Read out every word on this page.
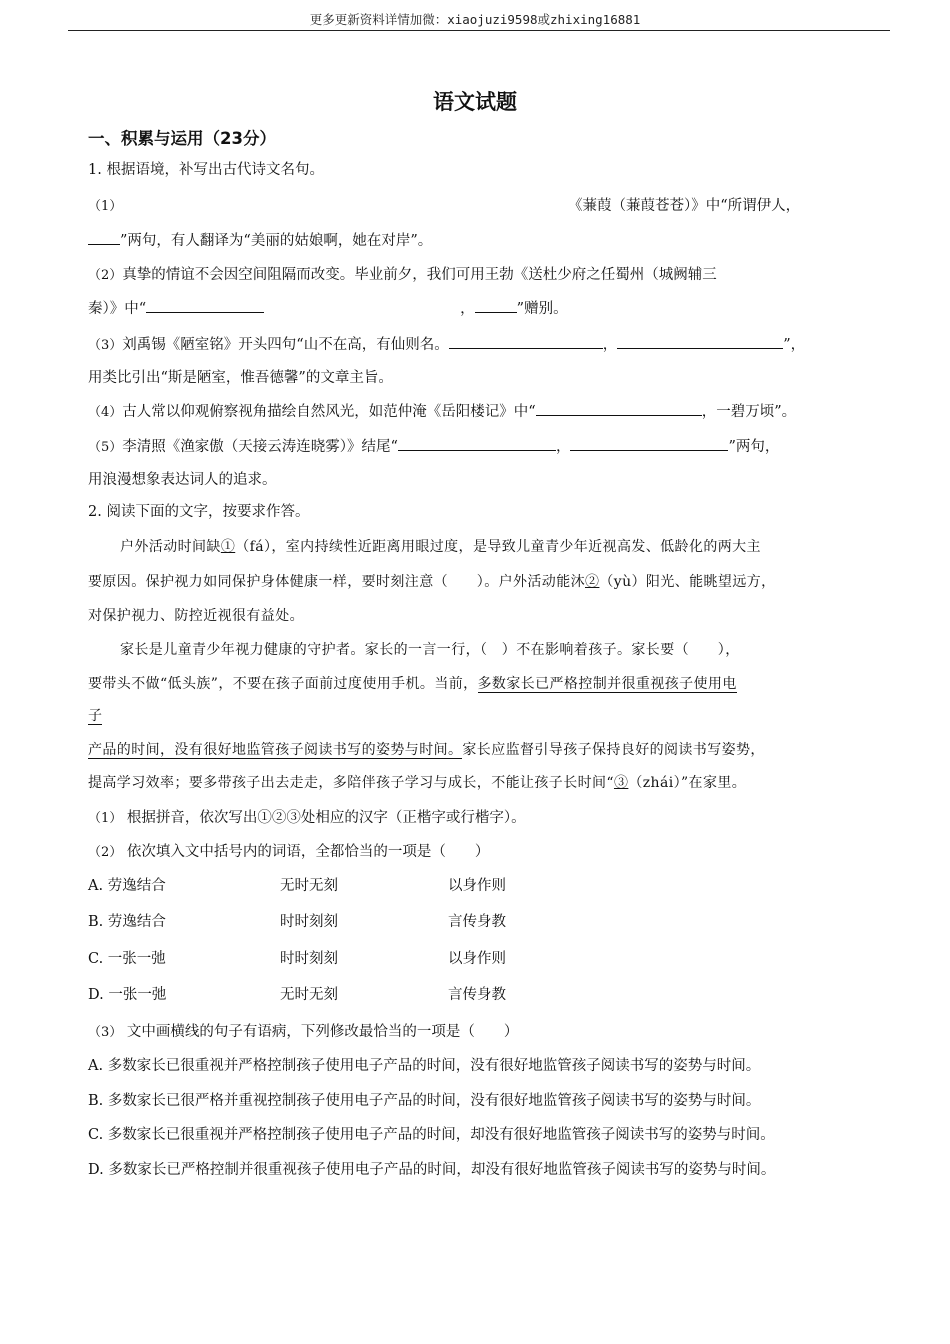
更多更新资料详情加微：xiaojuzi9598或zhixing16881
语文试题
一、积累与运用（23分）
1. 根据语境，补写出古代诗文名句。
（1）	《蒹葭（蒹葭苍苍）》中“所谓伊人，
”两句，有人翻译为“美丽的姑娘啊，她在对岸”。
（2）真挚的情谊不会因空间阻隔而改变。毕业前夕，我们可用王勃《送杜少府之任蜀州（城阙辅三
秦）》中“	，	”赠别。
（3）刘禹锡《陋室铭》开头四句“山不在高，有仙则名。	，	”，
用类比引出“斯是陋室，惟吾德馨”的文章主旨。
（4）古人常以仰观俯察视角描绘自然风光，如范仲淹《岳阳楼记》中“	，一碧万顷”。
（5）李清照《渔家傲（天接云涛连晓雾）》结尾“	，	”两句，
用浪漫想象表达词人的追求。
2. 阅读下面的文字，按要求作答。
户外活动时间缺①（fá），室内持续性近距离用眼过度，是导致儿童青少年近视高发、低龄化的两大主
要原因。保护视力如同保护身体健康一样，要时刻注意（　　）。户外活动能沐②（yù）阳光、能眺望远方，
对保护视力、防控近视很有益处。
家长是儿童青少年视力健康的守护者。家长的一言一行，（　）不在影响着孩子。家长要（　　），
要带头不做“低头族”，不要在孩子面前过度使用手机。当前，多数家长已严格控制并很重视孩子使用电
子
产品的时间，没有很好地监管孩子阅读书写的姿势与时间。家长应监督引导孩子保持良好的阅读书写姿势，
提高学习效率；要多带孩子出去走走，多陪伴孩子学习与成长，不能让孩子长时间“③（zhái）”在家里。
（1） 根据拼音，依次写出①②③处相应的汉字（正楷字或行楷字）。
（2） 依次填入文中括号内的词语，全都恰当的一项是（　　）
A. 劳逸结合	无时无刻	以身作则
B. 劳逸结合	时时刻刻	言传身教
C. 一张一弛	时时刻刻	以身作则
D. 一张一弛	无时无刻	言传身教
（3） 文中画横线的句子有语病，下列修改最恰当的一项是（　　）
A. 多数家长已很重视并严格控制孩子使用电子产品的时间，没有很好地监管孩子阅读书写的姿势与时间。
B. 多数家长已很严格并重视控制孩子使用电子产品的时间，没有很好地监管孩子阅读书写的姿势与时间。
C. 多数家长已很重视并严格控制孩子使用电子产品的时间，却没有很好地监管孩子阅读书写的姿势与时间。
D. 多数家长已严格控制并很重视孩子使用电子产品的时间，却没有很好地监管孩子阅读书写的姿势与时间。
